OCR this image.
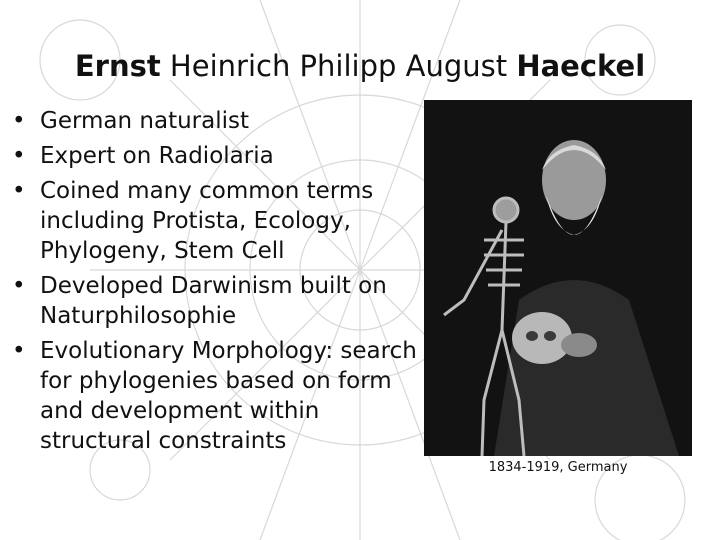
Ernst Heinrich Philipp August Haeckel
• German naturalist
• Expert on Radiolaria
• Coined many common terms including Protista, Ecology, Phylogeny, Stem Cell
• Developed Darwinism built on Naturphilosophie
• Evolutionary Morphology: search for phylogenies based on form and development within structural constraints
1834-1919, Germany
